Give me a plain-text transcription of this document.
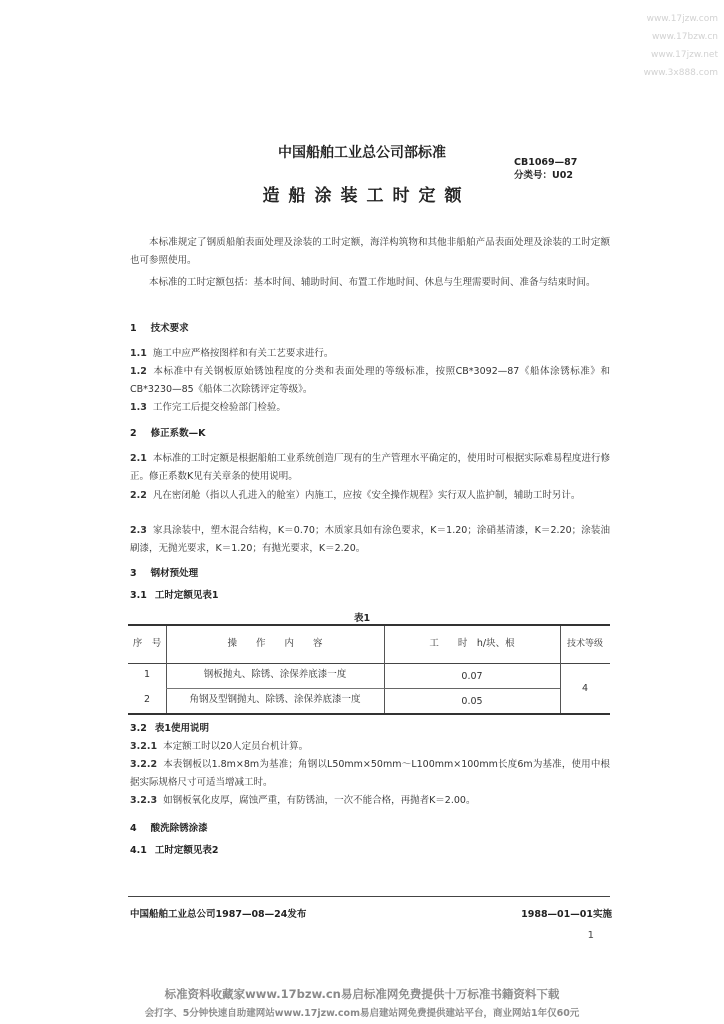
www.17jzw.com
www.17bzw.cn
www.17jzw.net
www.3x888.com
中国船舶工业总公司部标准
CB1069—87
分类号：U02
造船涂装工时定额
本标准规定了钢质船舶表面处理及涂装的工时定额，海洋构筑物和其他非船舶产品表面处理及涂装的工时定额也可参照使用。
本标准的工时定额包括：基本时间、辅助时间、布置工作地时间、休息与生理需要时间、准备与结束时间。
1 技术要求
1.1 施工中应严格按图样和有关工艺要求进行。
1.2 本标准中有关钢板原始锈蚀程度的分类和表面处理的等级标准，按照CB*3092—87《船体涂锈标准》和CB*3230—85《船体二次除锈评定等级》。
1.3 工作完工后提交检验部门检验。
2 修正系数—K
2.1 本标准的工时定额是根据船舶工业系统创造厂现有的生产管理水平确定的，使用时可根据实际难易程度进行修正。修正系数K见有关章条的使用说明。
2.2 凡在密闭舱（指以人孔进入的舱室）内施工，应按《安全操作规程》实行双人监护制，辅助工时另计。
2.3 家具涂装中，塑木混合结构，K＝0.70；木质家具如有涂色要求，K＝1.20；涂硝基清漆，K＝2.20；涂装油刷漆，无抛光要求，K＝1.20；有抛光要求，K＝2.20。
3 钢材预处理
3.1 工时定额见表1
表1
序　号	操　　作　　内　　容	工　　时　h/块、根	技术等级
1	钢板抛丸、除锈、涂保养底漆一度	0.07
2	角钢及型钢抛丸、除锈、涂保养底漆一度	0.05
4
3.2 表1使用说明
3.2.1 本定额工时以20人定员台机计算。
3.2.2 本表钢板以1.8m×8m为基准；角钢以L50mm×50mm～L100mm×100mm长度6m为基准，使用中根据实际规格尺寸可适当增减工时。
3.2.3 如钢板氧化皮厚，腐蚀严重，有防锈油，一次不能合格，再抛者K＝2.00。
4 酸洗除锈涂漆
4.1 工时定额见表2
中国船舶工业总公司1987—08—24发布	1988—01—01实施
1
标准资料收藏家www.17bzw.cn易启标准网免费提供十万标准书籍资料下载
会打字、5分钟快速自助建网站www.17jzw.com易启建站网免费提供建站平台，商业网站1年仅60元
